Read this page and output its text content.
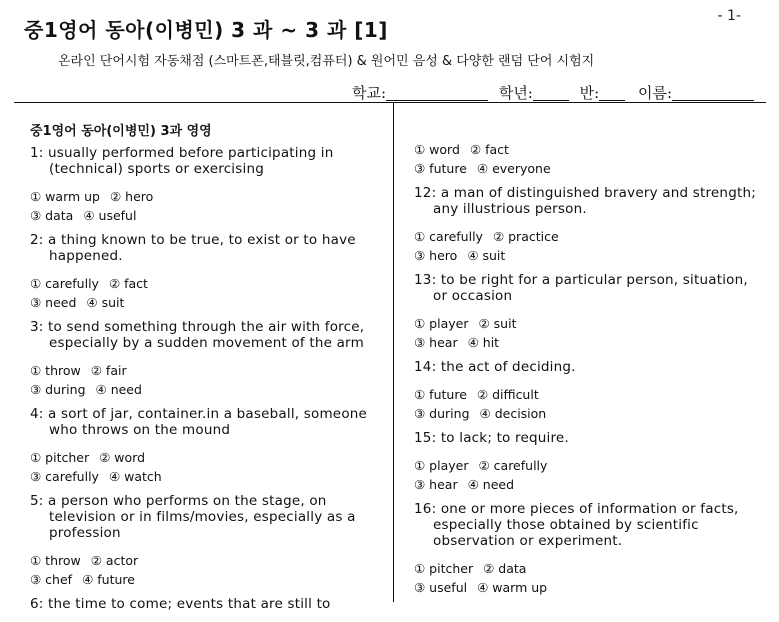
- 1-
중1영어 동아(이병민) 3 과 ~ 3 과 [1]
온라인 단어시험 자동채점 (스마트폰,태블릿,컴퓨터) & 원어민 음성 & 다양한 랜덤 단어 시험지
학교:	학년:	반:	이름:
중1영어 동아(이병민) 3과 영영
1: usually performed before participating in (technical) sports or exercising
① warm up ② hero
③ data ④ useful
2: a thing known to be true, to exist or to have happened.
① carefully ② fact
③ need ④ suit
3: to send something through the air with force, especially by a sudden movement of the arm
① throw ② fair
③ during ④ need
4: a sort of jar, container.in a baseball, someone who throws on the mound
① pitcher ② word
③ carefully ④ watch
5: a person who performs on the stage, on television or in films/movies, especially as a profession
① throw ② actor
③ chef ④ future
6: the time to come; events that are still to
① word ② fact
③ future ④ everyone
12: a man of distinguished bravery and strength; any illustrious person.
① carefully ② practice
③ hero ④ suit
13: to be right for a particular person, situation, or occasion
① player ② suit
③ hear ④ hit
14: the act of deciding.
① future ② difficult
③ during ④ decision
15: to lack; to require.
① player ② carefully
③ hear ④ need
16: one or more pieces of information or facts, especially those obtained by scientific observation or experiment.
① pitcher ② data
③ useful ④ warm up
